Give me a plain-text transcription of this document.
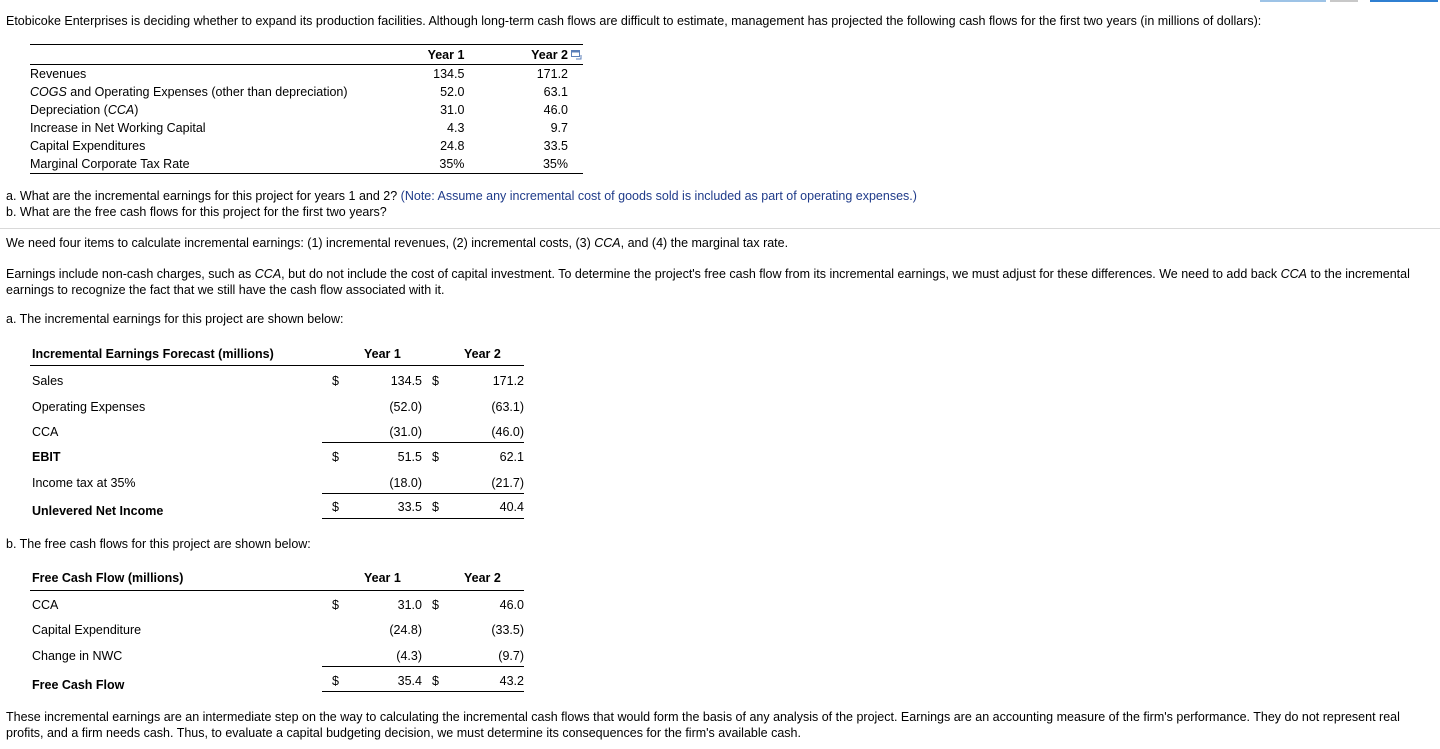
Etobicoke Enterprises is deciding whether to expand its production facilities. Although long-term cash flows are difficult to estimate, management has projected the following cash flows for the first two years (in millions of dollars):
	Year 1	Year 2
Revenues	134.5	171.2
COGS and Operating Expenses (other than depreciation)	52.0	63.1
Depreciation (CCA)	31.0	46.0
Increase in Net Working Capital	4.3	9.7
Capital Expenditures	24.8	33.5
Marginal Corporate Tax Rate	35%	35%
a. What are the incremental earnings for this project for years 1 and 2? (Note: Assume any incremental cost of goods sold is included as part of operating expenses.)
b. What are the free cash flows for this project for the first two years?
We need four items to calculate incremental earnings: (1) incremental revenues, (2) incremental costs, (3) CCA, and (4) the marginal tax rate.
Earnings include non-cash charges, such as CCA, but do not include the cost of capital investment. To determine the project's free cash flow from its incremental earnings, we must adjust for these differences. We need to add back CCA to the incremental earnings to recognize the fact that we still have the cash flow associated with it.
a. The incremental earnings for this project are shown below:
Incremental Earnings Forecast (millions)	Year 1	Year 2
Sales	$	134.5 $	171.2
Operating Expenses	(52.0)	(63.1)
CCA	(31.0)	(46.0)
EBIT	$	51.5 $	62.1
Income tax at 35%	(18.0)	(21.7)
Unlevered Net Income	$	33.5 $	40.4
b. The free cash flows for this project are shown below:
Free Cash Flow (millions)	Year 1	Year 2
CCA	$	31.0 $	46.0
Capital Expenditure	(24.8)	(33.5)
Change in NWC	(4.3)	(9.7)
Free Cash Flow	$	35.4 $	43.2
These incremental earnings are an intermediate step on the way to calculating the incremental cash flows that would form the basis of any analysis of the project. Earnings are an accounting measure of the firm's performance. They do not represent real profits, and a firm needs cash. Thus, to evaluate a capital budgeting decision, we must determine its consequences for the firm's available cash.
